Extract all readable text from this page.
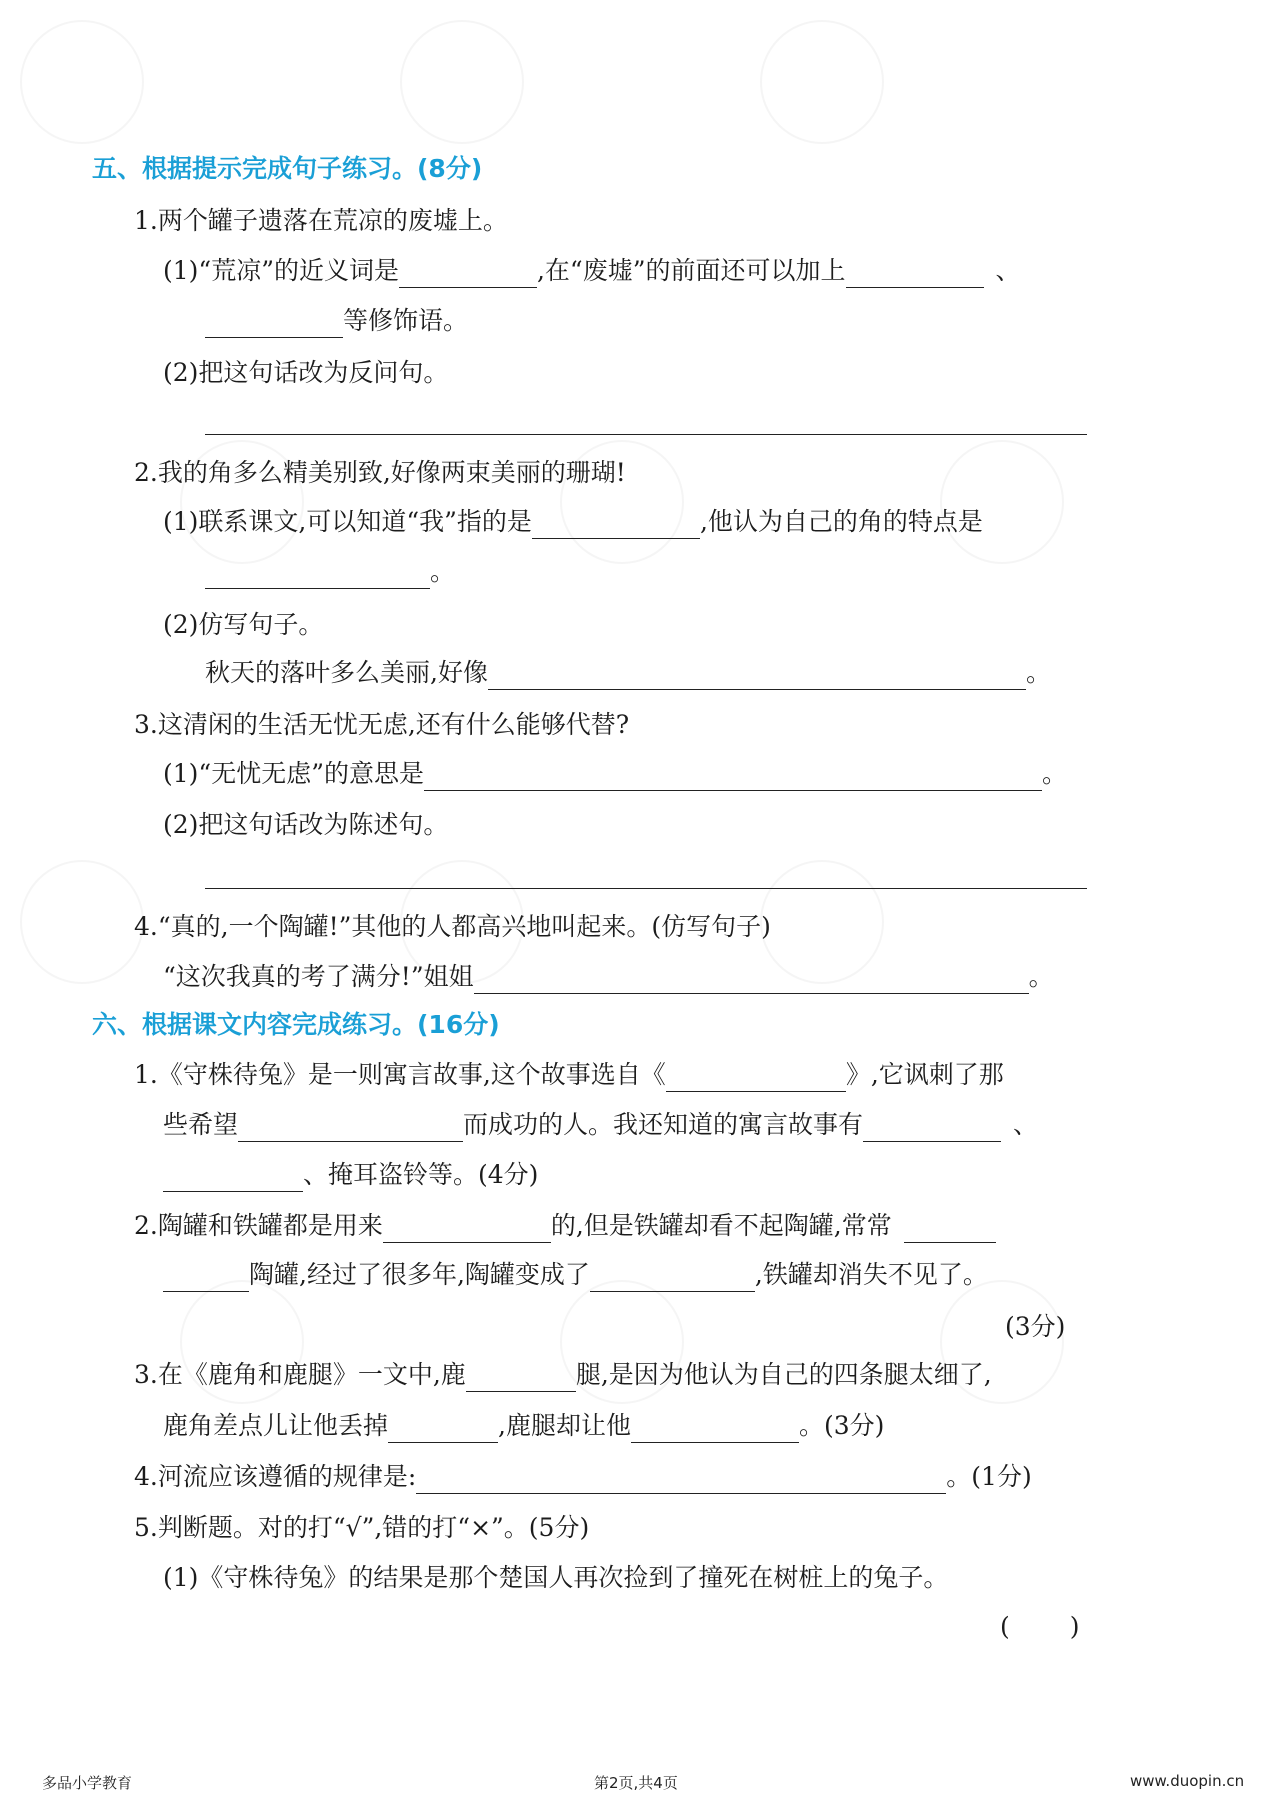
五、根据提示完成句子练习。(8分)
1.两个罐子遗落在荒凉的废墟上。
(1)“荒凉”的近义词是	,在“废墟”的前面还可以加上	、
等修饰语。
(2)把这句话改为反问句。
2.我的角多么精美别致,好像两束美丽的珊瑚!
(1)联系课文,可以知道“我”指的是	,他认为自己的角的特点是
。
(2)仿写句子。
秋天的落叶多么美丽,好像	。
3.这清闲的生活无忧无虑,还有什么能够代替?
(1)“无忧无虑”的意思是	。
(2)把这句话改为陈述句。
4.“真的,一个陶罐!”其他的人都高兴地叫起来。(仿写句子)
“这次我真的考了满分!”姐姐	。
六、根据课文内容完成练习。(16分)
1.《守株待兔》是一则寓言故事,这个故事选自《	》,它讽刺了那
些希望	而成功的人。我还知道的寓言故事有	、
、掩耳盗铃等。(4分)
2.陶罐和铁罐都是用来	的,但是铁罐却看不起陶罐,常常
陶罐,经过了很多年,陶罐变成了	,铁罐却消失不见了。
(3分)
3.在《鹿角和鹿腿》一文中,鹿	腿,是因为他认为自己的四条腿太细了,
鹿角差点儿让他丢掉	,鹿腿却让他	。(3分)
4.河流应该遵循的规律是:	。(1分)
5.判断题。对的打“√”,错的打“×”。(5分)
(1)《守株待兔》的结果是那个楚国人再次捡到了撞死在树桩上的兔子。
( )
多品小学教育	第2页,共4页	www.duopin.cn
